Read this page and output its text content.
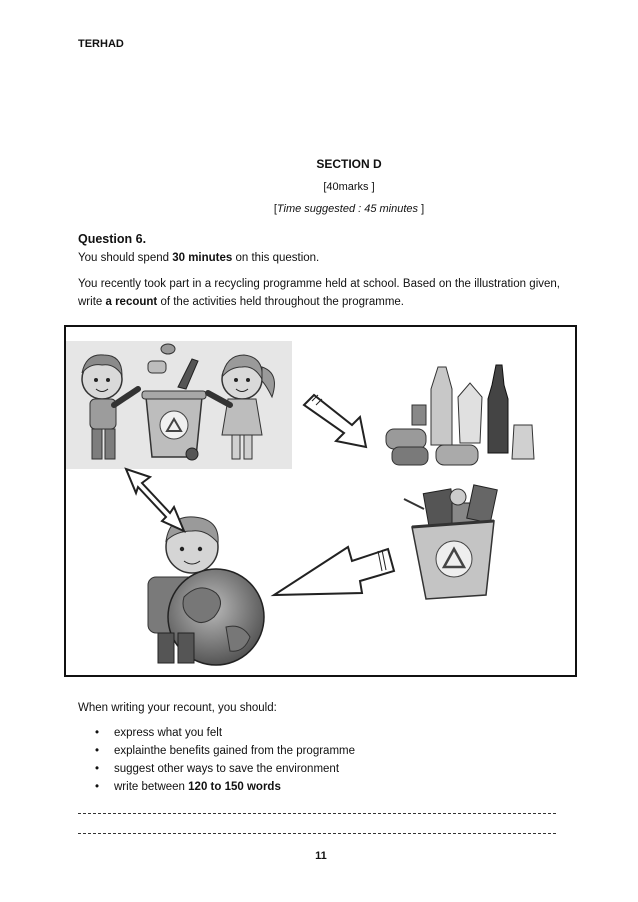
TERHAD
SECTION D
[40marks ]
[Time suggested : 45 minutes ]
Question 6.
You should spend 30 minutes on this question.
You recently took part in a recycling programme held at school. Based on the illustration given, write a recount of the activities held throughout the programme.
When writing your recount, you should:
• express what you felt
• explainthe benefits gained from the programme
• suggest other ways to save the environment
• write between 120 to 150 words
11
